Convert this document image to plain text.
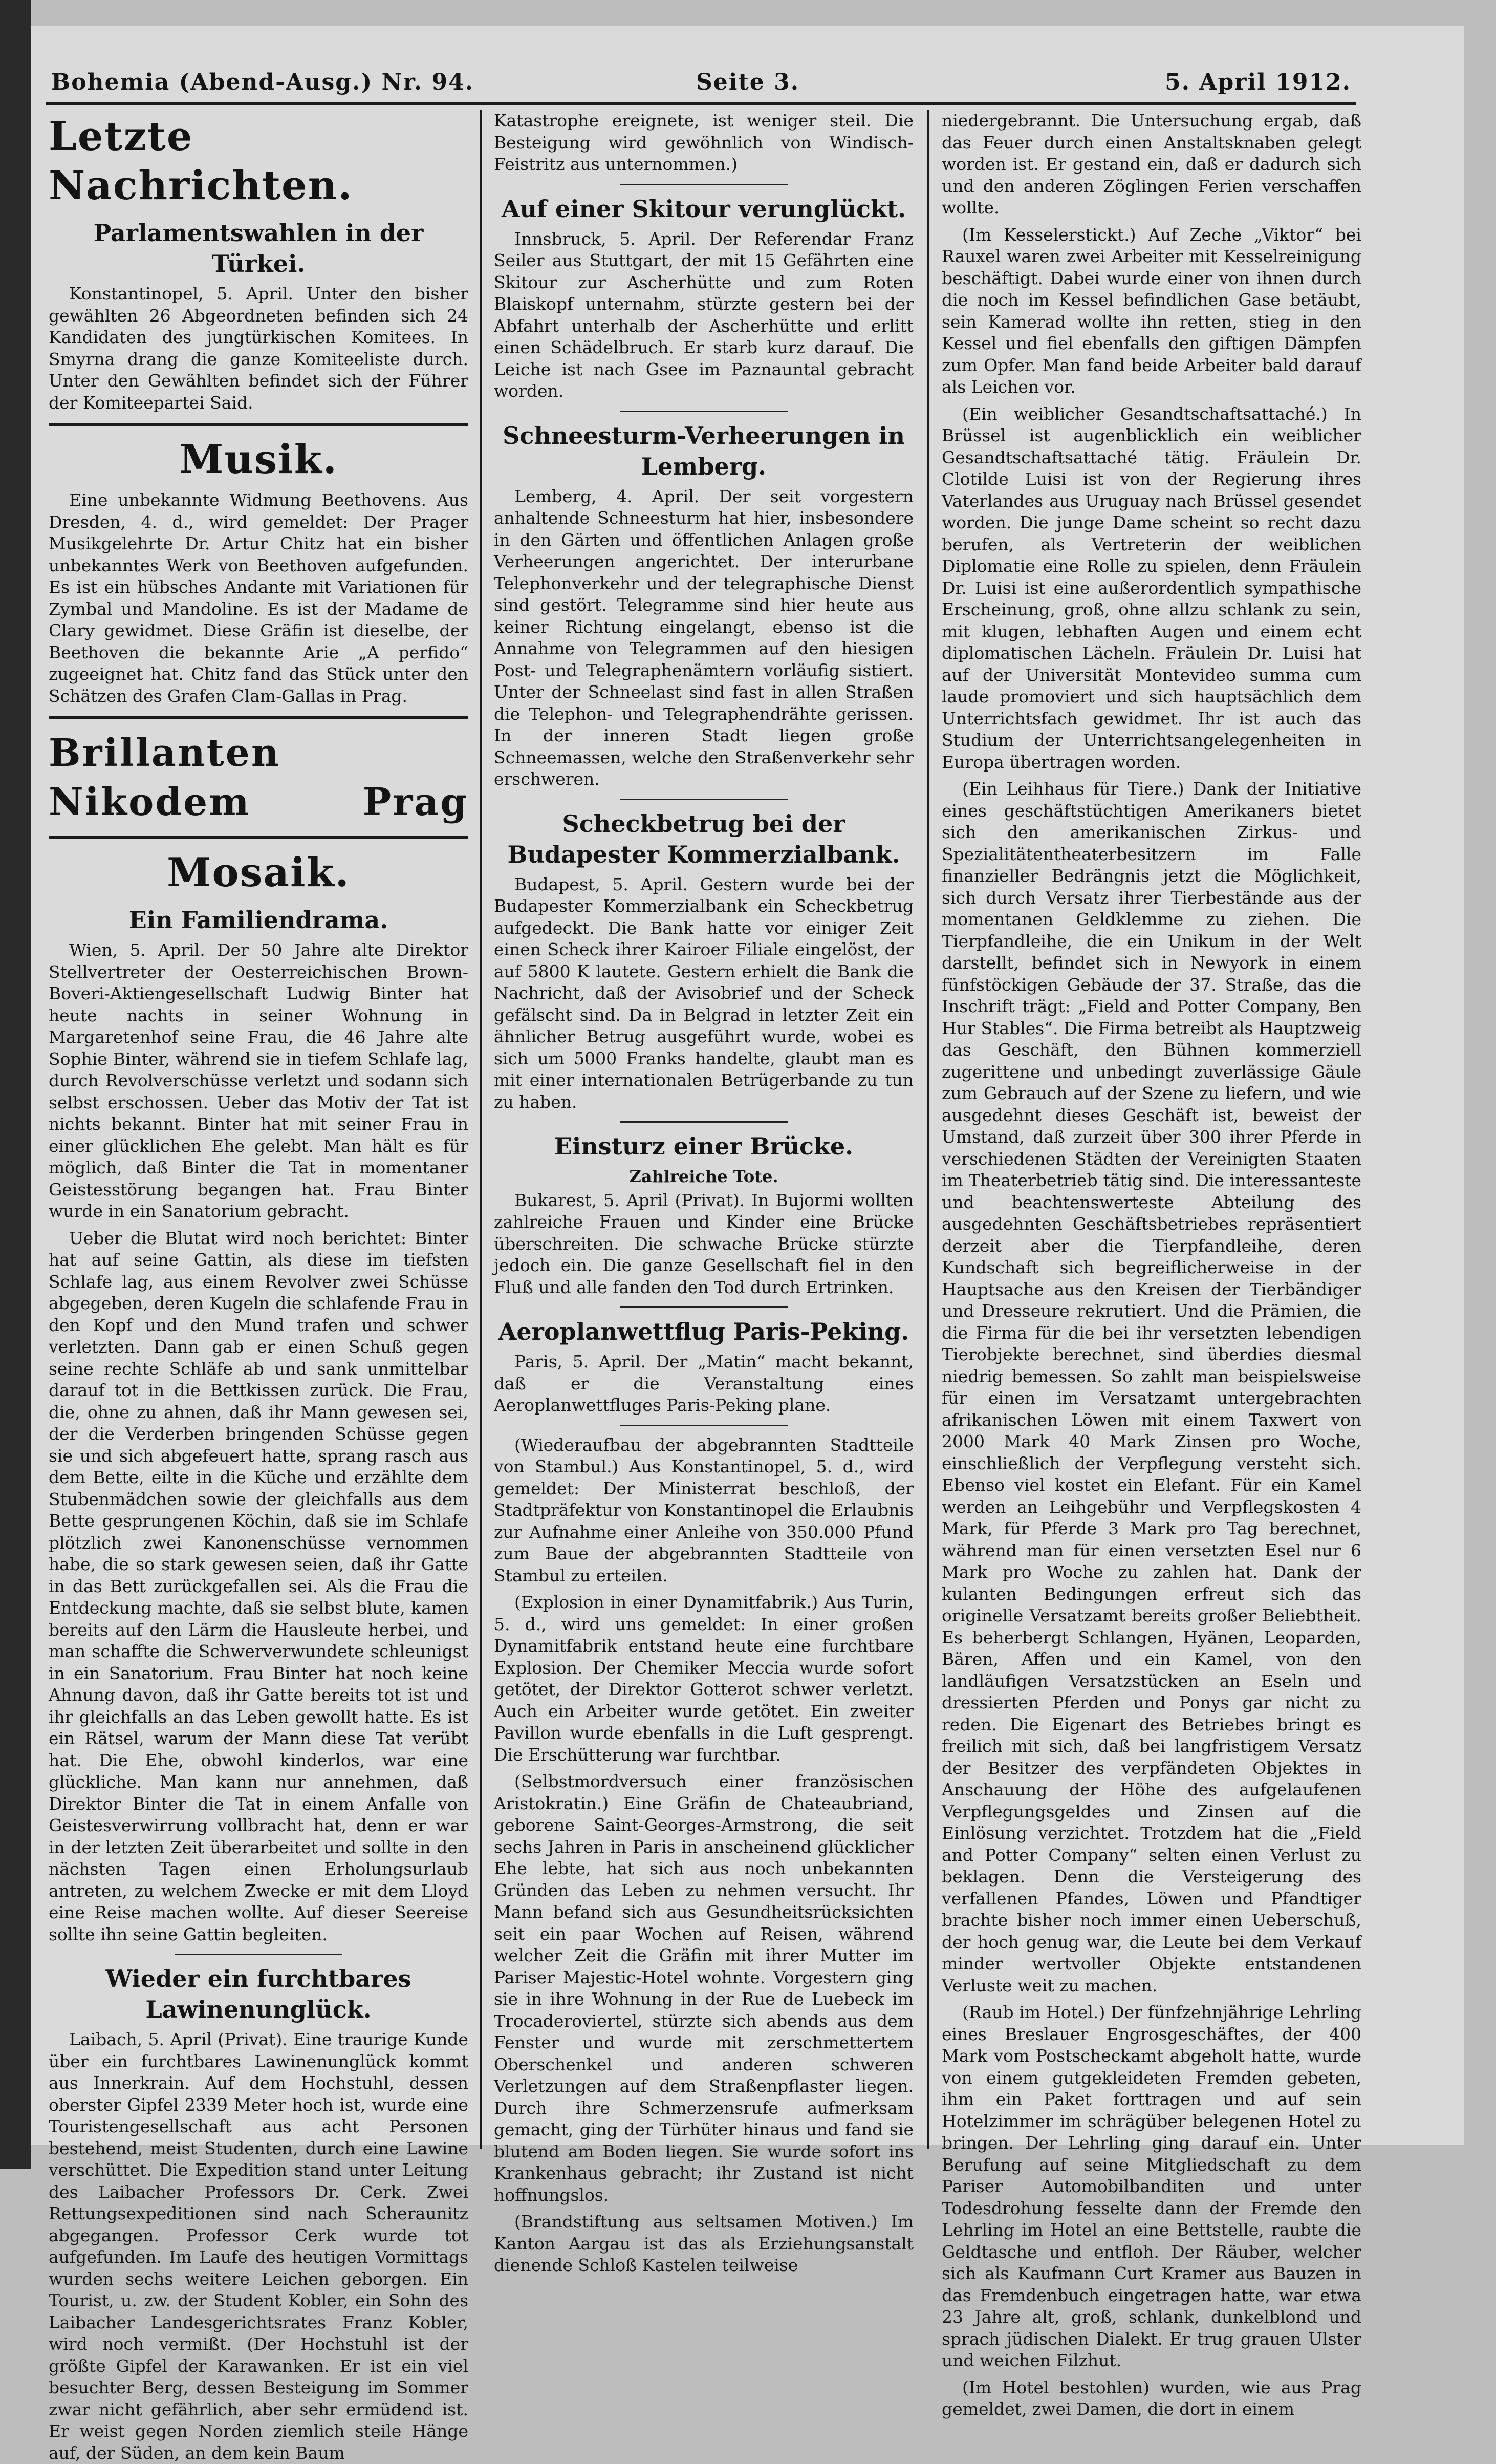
Bohemia (Abend-Ausg.) Nr. 94.	Seite 3.	5. April 1912.
Letzte Nachrichten.
Parlamentswahlen in der Türkei.

Konstantinopel, 5. April. Unter den bisher gewählten 26 Abgeordneten befinden sich 24 Kandidaten des jungtürkischen Komitees. In Smyrna drang die ganze Komiteeliste durch. Unter den Gewählten befindet sich der Führer der Komiteepartei Said.

Musik.

Eine unbekannte Widmung Beethovens. Aus Dresden, 4. d., wird gemeldet: Der Prager Musikgelehrte Dr. Artur Chitz hat ein bisher unbekanntes Werk von Beethoven aufgefunden. Es ist ein hübsches Andante mit Variationen für Zymbal und Mandoline. Es ist der Madame de Clary gewidmet. Diese Gräfin ist dieselbe, der Beethoven die bekannte Arie „A perfido“ zugeeignet hat. Chitz fand das Stück unter den Schätzen des Grafen Clam-Gallas in Prag.

Brillanten Nikodem Prag
Mosaik.
Ein Familiendrama.

Wien, 5. April. Der 50 Jahre alte Direktor Stellvertreter der Oesterreichischen Brown-Boveri-Aktiengesellschaft Ludwig Binter hat heute nachts in seiner Wohnung in Margaretenhof seine Frau, die 46 Jahre alte Sophie Binter, während sie in tiefem Schlafe lag, durch Revolverschüsse verletzt und sodann sich selbst erschossen. Ueber das Motiv der Tat ist nichts bekannt. Binter hat mit seiner Frau in einer glücklichen Ehe gelebt. Man hält es für möglich, daß Binter die Tat in momentaner Geistesstörung begangen hat. Frau Binter wurde in ein Sanatorium gebracht.

Ueber die Blutat wird noch berichtet: Binter hat auf seine Gattin, als diese im tiefsten Schlafe lag, aus einem Revolver zwei Schüsse abgegeben, deren Kugeln die schlafende Frau in den Kopf und den Mund trafen und schwer verletzten. Dann gab er einen Schuß gegen seine rechte Schläfe ab und sank unmittelbar darauf tot in die Bettkissen zurück. Die Frau, die, ohne zu ahnen, daß ihr Mann gewesen sei, der die Verderben bringenden Schüsse gegen sie und sich abgefeuert hatte, sprang rasch aus dem Bette, eilte in die Küche und erzählte dem Stubenmädchen sowie der gleichfalls aus dem Bette gesprungenen Köchin, daß sie im Schlafe plötzlich zwei Kanonenschüsse vernommen habe, die so stark gewesen seien, daß ihr Gatte in das Bett zurückgefallen sei. Als die Frau die Entdeckung machte, daß sie selbst blute, kamen bereits auf den Lärm die Hausleute herbei, und man schaffte die Schwerverwundete schleunigst in ein Sanatorium. Frau Binter hat noch keine Ahnung davon, daß ihr Gatte bereits tot ist und ihr gleichfalls an das Leben gewollt hatte. Es ist ein Rätsel, warum der Mann diese Tat verübt hat. Die Ehe, obwohl kinderlos, war eine glückliche. Man kann nur annehmen, daß Direktor Binter die Tat in einem Anfalle von Geistesverwirrung vollbracht hat, denn er war in der letzten Zeit überarbeitet und sollte in den nächsten Tagen einen Erholungsurlaub antreten, zu welchem Zwecke er mit dem Lloyd eine Reise machen wollte. Auf dieser Seereise sollte ihn seine Gattin begleiten.

Wieder ein furchtbares Lawinenunglück.

Laibach, 5. April (Privat). Eine traurige Kunde über ein furchtbares Lawinenunglück kommt aus Innerkrain. Auf dem Hochstuhl, dessen oberster Gipfel 2339 Meter hoch ist, wurde eine Touristengesellschaft aus acht Personen bestehend, meist Studenten, durch eine Lawine verschüttet. Die Expedition stand unter Leitung des Laibacher Professors Dr. Cerk. Zwei Rettungsexpeditionen sind nach Scheraunitz abgegangen. Professor Cerk wurde tot aufgefunden. Im Laufe des heutigen Vormittags wurden sechs weitere Leichen geborgen. Ein Tourist, u. zw. der Student Kobler, ein Sohn des Laibacher Landesgerichtsrates Franz Kobler, wird noch vermißt. (Der Hochstuhl ist der größte Gipfel der Karawanken. Er ist ein viel besuchter Berg, dessen Besteigung im Sommer zwar nicht gefährlich, aber sehr ermüdend ist. Er weist gegen Norden ziemlich steile Hänge auf, der Süden, an dem kein Baum

Katastrophe ereignete, ist weniger steil. Die Besteigung wird gewöhnlich von Windisch-Feistritz aus unternommen.)

Auf einer Skitour verunglückt.

Innsbruck, 5. April. Der Referendar Franz Seiler aus Stuttgart, der mit 15 Gefährten eine Skitour zur Ascherhütte und zum Roten Blaiskopf unternahm, stürzte gestern bei der Abfahrt unterhalb der Ascherhütte und erlitt einen Schädelbruch. Er starb kurz darauf. Die Leiche ist nach Gsee im Paznauntal gebracht worden.

Schneesturm-Verheerungen in Lemberg.

Lemberg, 4. April. Der seit vorgestern anhaltende Schneesturm hat hier, insbesondere in den Gärten und öffentlichen Anlagen große Verheerungen angerichtet. Der interurbane Telephonverkehr und der telegraphische Dienst sind gestört. Telegramme sind hier heute aus keiner Richtung eingelangt, ebenso ist die Annahme von Telegrammen auf den hiesigen Post- und Telegraphenämtern vorläufig sistiert. Unter der Schneelast sind fast in allen Straßen die Telephon- und Telegraphendrähte gerissen. In der inneren Stadt liegen große Schneemassen, welche den Straßenverkehr sehr erschweren.

Scheckbetrug bei der Budapester Kommerzialbank.

Budapest, 5. April. Gestern wurde bei der Budapester Kommerzialbank ein Scheckbetrug aufgedeckt. Die Bank hatte vor einiger Zeit einen Scheck ihrer Kairoer Filiale eingelöst, der auf 5800 K lautete. Gestern erhielt die Bank die Nachricht, daß der Avisobrief und der Scheck gefälscht sind. Da in Belgrad in letzter Zeit ein ähnlicher Betrug ausgeführt wurde, wobei es sich um 5000 Franks handelte, glaubt man es mit einer internationalen Betrügerbande zu tun zu haben.

Einsturz einer Brücke.
Zahlreiche Tote.

Bukarest, 5. April (Privat). In Bujormi wollten zahlreiche Frauen und Kinder eine Brücke überschreiten. Die schwache Brücke stürzte jedoch ein. Die ganze Gesellschaft fiel in den Fluß und alle fanden den Tod durch Ertrinken.

Aeroplanwettflug Paris-Peking.

Paris, 5. April. Der „Matin“ macht bekannt, daß er die Veranstaltung eines Aeroplanwettfluges Paris-Peking plane.

(Wiederaufbau der abgebrannten Stadtteile von Stambul.) Aus Konstantinopel, 5. d., wird gemeldet: Der Ministerrat beschloß, der Stadtpräfektur von Konstantinopel die Erlaubnis zur Aufnahme einer Anleihe von 350.000 Pfund zum Baue der abgebrannten Stadtteile von Stambul zu erteilen.

(Explosion in einer Dynamitfabrik.) Aus Turin, 5. d., wird uns gemeldet: In einer großen Dynamitfabrik entstand heute eine furchtbare Explosion. Der Chemiker Meccia wurde sofort getötet, der Direktor Gotterot schwer verletzt. Auch ein Arbeiter wurde getötet. Ein zweiter Pavillon wurde ebenfalls in die Luft gesprengt. Die Erschütterung war furchtbar.

(Selbstmordversuch einer französischen Aristokratin.) Eine Gräfin de Chateaubriand, geborene Saint-Georges-Armstrong, die seit sechs Jahren in Paris in anscheinend glücklicher Ehe lebte, hat sich aus noch unbekannten Gründen das Leben zu nehmen versucht. Ihr Mann befand sich aus Gesundheitsrücksichten seit ein paar Wochen auf Reisen, während welcher Zeit die Gräfin mit ihrer Mutter im Pariser Majestic-Hotel wohnte. Vorgestern ging sie in ihre Wohnung in der Rue de Luebeck im Trocaderoviertel, stürzte sich abends aus dem Fenster und wurde mit zerschmettertem Oberschenkel und anderen schweren Verletzungen auf dem Straßenpflaster liegen. Durch ihre Schmerzensrufe aufmerksam gemacht, ging der Türhüter hinaus und fand sie blutend am Boden liegen. Sie wurde sofort ins Krankenhaus gebracht; ihr Zustand ist nicht hoffnungslos.

(Brandstiftung aus seltsamen Motiven.) Im Kanton Aargau ist das als Erziehungsanstalt dienende Schloß Kastelen teilweise

niedergebrannt. Die Untersuchung ergab, daß das Feuer durch einen Anstaltsknaben gelegt worden ist. Er gestand ein, daß er dadurch sich und den anderen Zöglingen Ferien verschaffen wollte.

(Im Kesselerstickt.) Auf Zeche „Viktor“ bei Rauxel waren zwei Arbeiter mit Kesselreinigung beschäftigt. Dabei wurde einer von ihnen durch die noch im Kessel befindlichen Gase betäubt, sein Kamerad wollte ihn retten, stieg in den Kessel und fiel ebenfalls den giftigen Dämpfen zum Opfer. Man fand beide Arbeiter bald darauf als Leichen vor.

(Ein weiblicher Gesandtschaftsattaché.) In Brüssel ist augenblicklich ein weiblicher Gesandtschaftsattaché tätig. Fräulein Dr. Clotilde Luisi ist von der Regierung ihres Vaterlandes aus Uruguay nach Brüssel gesendet worden. Die junge Dame scheint so recht dazu berufen, als Vertreterin der weiblichen Diplomatie eine Rolle zu spielen, denn Fräulein Dr. Luisi ist eine außerordentlich sympathische Erscheinung, groß, ohne allzu schlank zu sein, mit klugen, lebhaften Augen und einem echt diplomatischen Lächeln. Fräulein Dr. Luisi hat auf der Universität Montevideo summa cum laude promoviert und sich hauptsächlich dem Unterrichtsfach gewidmet. Ihr ist auch das Studium der Unterrichtsangelegenheiten in Europa übertragen worden.

(Ein Leihhaus für Tiere.) Dank der Initiative eines geschäftstüchtigen Amerikaners bietet sich den amerikanischen Zirkus- und Spezialitätentheaterbesitzern im Falle finanzieller Bedrängnis jetzt die Möglichkeit, sich durch Versatz ihrer Tierbestände aus der momentanen Geldklemme zu ziehen. Die Tierpfandleihe, die ein Unikum in der Welt darstellt, befindet sich in Newyork in einem fünfstöckigen Gebäude der 37. Straße, das die Inschrift trägt: „Field and Potter Company, Ben Hur Stables“. Die Firma betreibt als Hauptzweig das Geschäft, den Bühnen kommerziell zugerittene und unbedingt zuverlässige Gäule zum Gebrauch auf der Szene zu liefern, und wie ausgedehnt dieses Geschäft ist, beweist der Umstand, daß zurzeit über 300 ihrer Pferde in verschiedenen Städten der Vereinigten Staaten im Theaterbetrieb tätig sind. Die interessanteste und beachtenswerteste Abteilung des ausgedehnten Geschäftsbetriebes repräsentiert derzeit aber die Tierpfandleihe, deren Kundschaft sich begreiflicherweise in der Hauptsache aus den Kreisen der Tierbändiger und Dresseure rekrutiert. Und die Prämien, die die Firma für die bei ihr versetzten lebendigen Tierobjekte berechnet, sind überdies diesmal niedrig bemessen. So zahlt man beispielsweise für einen im Versatzamt untergebrachten afrikanischen Löwen mit einem Taxwert von 2000 Mark 40 Mark Zinsen pro Woche, einschließlich der Verpflegung versteht sich. Ebenso viel kostet ein Elefant. Für ein Kamel werden an Leihgebühr und Verpflegskosten 4 Mark, für Pferde 3 Mark pro Tag berechnet, während man für einen versetzten Esel nur 6 Mark pro Woche zu zahlen hat. Dank der kulanten Bedingungen erfreut sich das originelle Versatzamt bereits großer Beliebtheit. Es beherbergt Schlangen, Hyänen, Leoparden, Bären, Affen und ein Kamel, von den landläufigen Versatzstücken an Eseln und dressierten Pferden und Ponys gar nicht zu reden. Die Eigenart des Betriebes bringt es freilich mit sich, daß bei langfristigem Versatz der Besitzer des verpfändeten Objektes in Anschauung der Höhe des aufgelaufenen Verpflegungsgeldes und Zinsen auf die Einlösung verzichtet. Trotzdem hat die „Field and Potter Company“ selten einen Verlust zu beklagen. Denn die Versteigerung des verfallenen Pfandes, Löwen und Pfandtiger brachte bisher noch immer einen Ueberschuß, der hoch genug war, die Leute bei dem Verkauf minder wertvoller Objekte entstandenen Verluste weit zu machen.

(Raub im Hotel.) Der fünfzehnjährige Lehrling eines Breslauer Engrosgeschäftes, der 400 Mark vom Postscheckamt abgeholt hatte, wurde von einem gutgekleideten Fremden gebeten, ihm ein Paket forttragen und auf sein Hotelzimmer im schrägüber belegenen Hotel zu bringen. Der Lehrling ging darauf ein. Unter Berufung auf seine Mitgliedschaft zu dem Pariser Automobilbanditen und unter Todesdrohung fesselte dann der Fremde den Lehrling im Hotel an eine Bettstelle, raubte die Geldtasche und entfloh. Der Räuber, welcher sich als Kaufmann Curt Kramer aus Bauzen in das Fremdenbuch eingetragen hatte, war etwa 23 Jahre alt, groß, schlank, dunkelblond und sprach jüdischen Dialekt. Er trug grauen Ulster und weichen Filzhut.

(Im Hotel bestohlen) wurden, wie aus Prag gemeldet, zwei Damen, die dort in einem
